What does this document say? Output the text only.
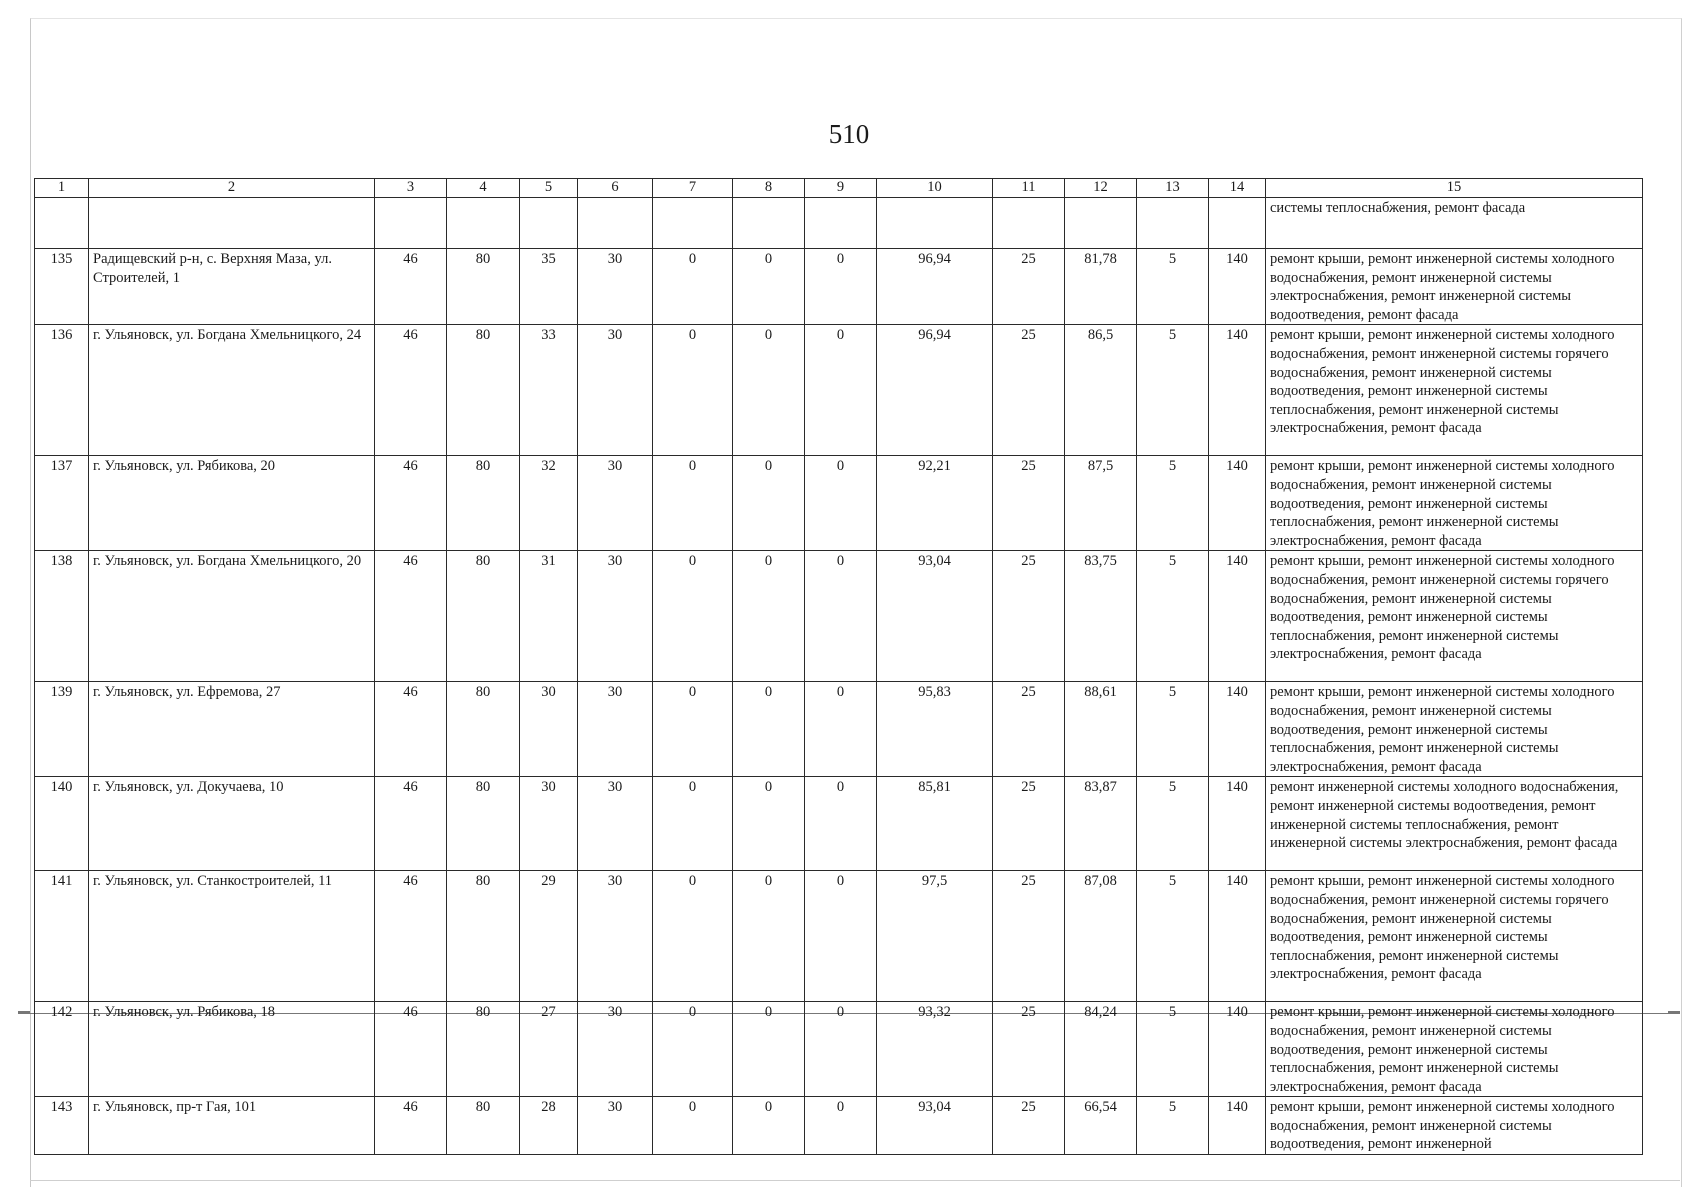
510
1	2	3	4	5	6	7	8	9	10	11	12	13	14	15
														системы теплоснабжения, ремонт фасада
135	Радищевский р-н, с. Верхняя Маза, ул. Строителей, 1	46	80	35	30	0	0	0	96,94	25	81,78	5	140	ремонт крыши, ремонт инженерной системы холодного водоснабжения, ремонт инженерной системы электроснабжения, ремонт инженерной системы водоотведения, ремонт фасада
136	г. Ульяновск, ул. Богдана Хмельницкого, 24	46	80	33	30	0	0	0	96,94	25	86,5	5	140	ремонт крыши, ремонт инженерной системы холодного водоснабжения, ремонт инженерной системы горячего водоснабжения, ремонт инженерной системы водоотведения, ремонт инженерной системы теплоснабжения, ремонт инженерной системы электроснабжения, ремонт фасада
137	г. Ульяновск, ул. Рябикова, 20	46	80	32	30	0	0	0	92,21	25	87,5	5	140	ремонт крыши, ремонт инженерной системы холодного водоснабжения, ремонт инженерной системы водоотведения, ремонт инженерной системы теплоснабжения, ремонт инженерной системы электроснабжения, ремонт фасада
138	г. Ульяновск, ул. Богдана Хмельницкого, 20	46	80	31	30	0	0	0	93,04	25	83,75	5	140	ремонт крыши, ремонт инженерной системы холодного водоснабжения, ремонт инженерной системы горячего водоснабжения, ремонт инженерной системы водоотведения, ремонт инженерной системы теплоснабжения, ремонт инженерной системы электроснабжения, ремонт фасада
139	г. Ульяновск, ул. Ефремова, 27	46	80	30	30	0	0	0	95,83	25	88,61	5	140	ремонт крыши, ремонт инженерной системы холодного водоснабжения, ремонт инженерной системы водоотведения, ремонт инженерной системы теплоснабжения, ремонт инженерной системы электроснабжения, ремонт фасада
140	г. Ульяновск, ул. Докучаева, 10	46	80	30	30	0	0	0	85,81	25	83,87	5	140	ремонт инженерной системы холодного водоснабжения, ремонт инженерной системы водоотведения, ремонт инженерной системы теплоснабжения, ремонт инженерной системы электроснабжения, ремонт фасада
141	г. Ульяновск, ул. Станкостроителей, 11	46	80	29	30	0	0	0	97,5	25	87,08	5	140	ремонт крыши, ремонт инженерной системы холодного водоснабжения, ремонт инженерной системы горячего водоснабжения, ремонт инженерной системы водоотведения, ремонт инженерной системы теплоснабжения, ремонт инженерной системы электроснабжения, ремонт фасада
142	г. Ульяновск, ул. Рябикова, 18	46	80	27	30	0	0	0	93,32	25	84,24	5	140	ремонт крыши, ремонт инженерной системы холодного водоснабжения, ремонт инженерной системы водоотведения, ремонт инженерной системы теплоснабжения, ремонт инженерной системы электроснабжения, ремонт фасада
143	г. Ульяновск, пр-т Гая, 101	46	80	28	30	0	0	0	93,04	25	66,54	5	140	ремонт крыши, ремонт инженерной системы холодного водоснабжения, ремонт инженерной системы водоотведения, ремонт инженерной
